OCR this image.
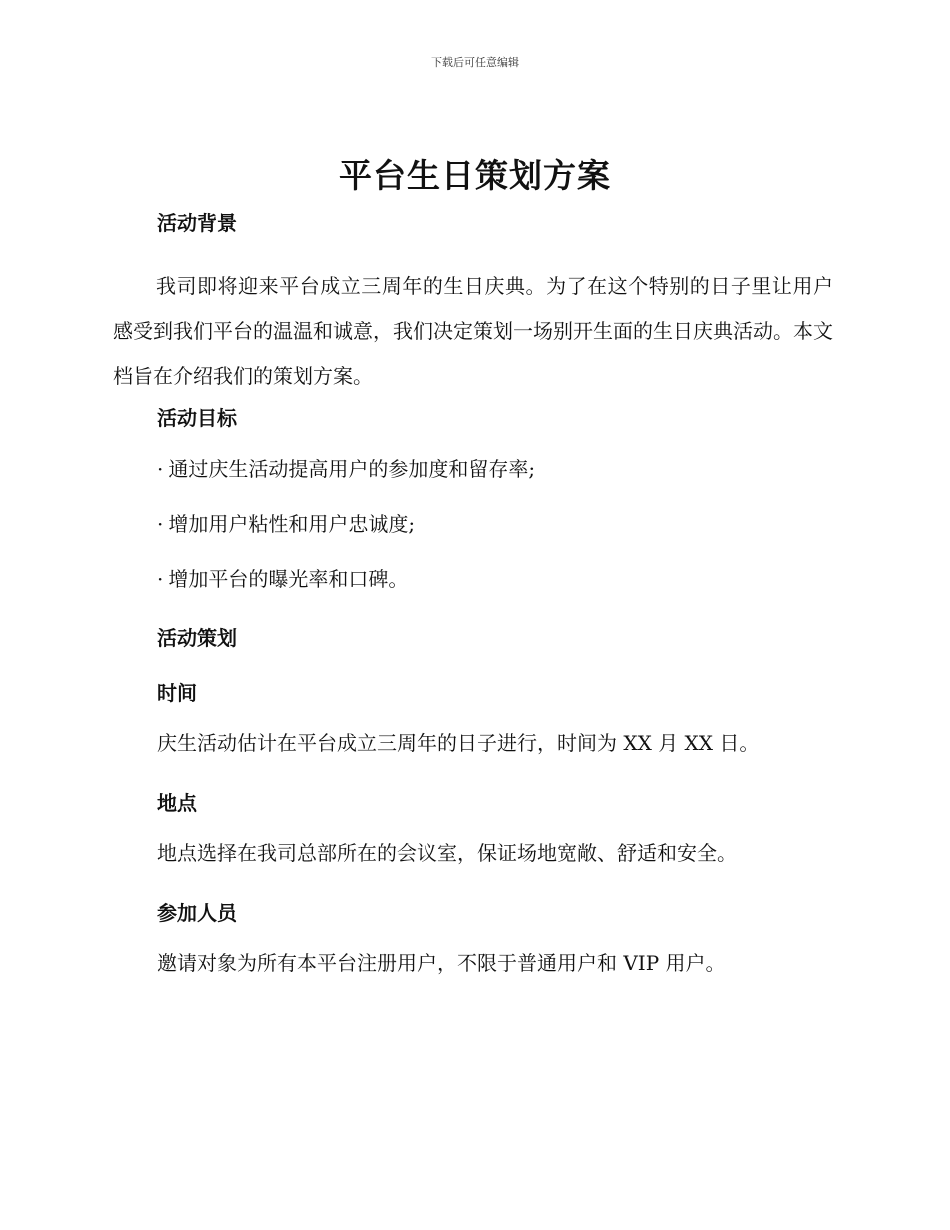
下载后可任意编辑
平台生日策划方案
活动背景
我司即将迎来平台成立三周年的生日庆典。为了在这个特别的日子里让用户感受到我们平台的温温和诚意，我们决定策划一场别开生面的生日庆典活动。本文档旨在介绍我们的策划方案。
活动目标
· 通过庆生活动提高用户的参加度和留存率;
· 增加用户粘性和用户忠诚度;
· 增加平台的曝光率和口碑。
活动策划
时间
庆生活动估计在平台成立三周年的日子进行，时间为 XX 月 XX 日。
地点
地点选择在我司总部所在的会议室，保证场地宽敞、舒适和安全。
参加人员
邀请对象为所有本平台注册用户，不限于普通用户和 VIP 用户。
